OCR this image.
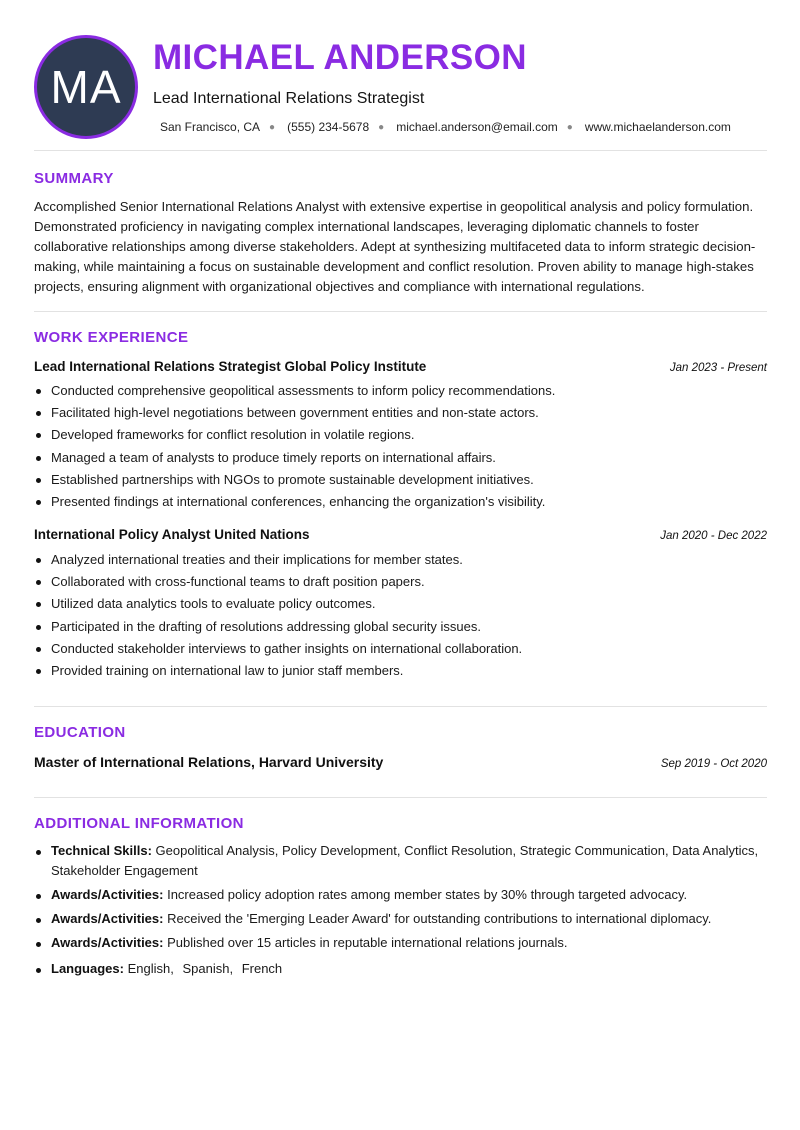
MA
MICHAEL ANDERSON
Lead International Relations Strategist
San Francisco, CA ● (555) 234-5678 ● michael.anderson@email.com ● www.michaelanderson.com
SUMMARY

Accomplished Senior International Relations Analyst with extensive expertise in geopolitical analysis and policy formulation. Demonstrated proficiency in navigating complex international landscapes, leveraging diplomatic channels to foster collaborative relationships among diverse stakeholders. Adept at synthesizing multifaceted data to inform strategic decision-making, while maintaining a focus on sustainable development and conflict resolution. Proven ability to manage high-stakes projects, ensuring alignment with organizational objectives and compliance with international regulations.

WORK EXPERIENCE
Lead International Relations Strategist Global Policy Institute	Jan 2023 - Present
Conducted comprehensive geopolitical assessments to inform policy recommendations.
Facilitated high-level negotiations between government entities and non-state actors.
Developed frameworks for conflict resolution in volatile regions.
Managed a team of analysts to produce timely reports on international affairs.
Established partnerships with NGOs to promote sustainable development initiatives.
Presented findings at international conferences, enhancing the organization's visibility.
International Policy Analyst United Nations	Jan 2020 - Dec 2022
Analyzed international treaties and their implications for member states.
Collaborated with cross-functional teams to draft position papers.
Utilized data analytics tools to evaluate policy outcomes.
Participated in the drafting of resolutions addressing global security issues.
Conducted stakeholder interviews to gather insights on international collaboration.
Provided training on international law to junior staff members.
EDUCATION
Master of International Relations, Harvard University	Sep 2019 - Oct 2020
ADDITIONAL INFORMATION
Technical Skills: Geopolitical Analysis, Policy Development, Conflict Resolution, Strategic Communication, Data Analytics, Stakeholder Engagement
Awards/Activities: Increased policy adoption rates among member states by 30% through targeted advocacy.
Awards/Activities: Received the 'Emerging Leader Award' for outstanding contributions to international diplomacy.
Awards/Activities: Published over 15 articles in reputable international relations journals.
Languages: English, Spanish, French
